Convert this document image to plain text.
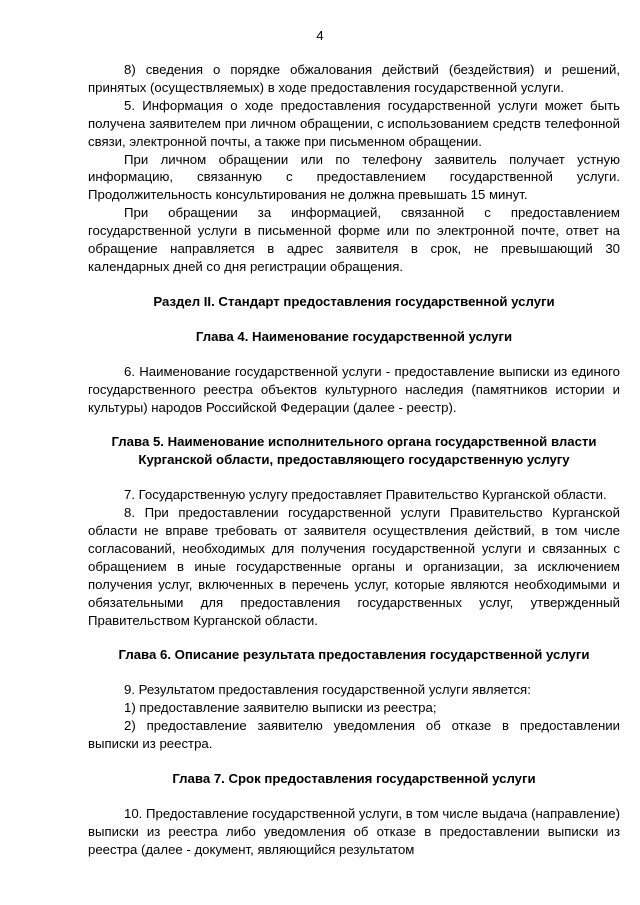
4

8) сведения о порядке обжалования действий (бездействия) и решений, принятых (осуществляемых) в ходе предоставления государственной услуги.

5. Информация о ходе предоставления государственной услуги может быть получена заявителем при личном обращении, с использованием средств телефонной связи, электронной почты, а также при письменном обращении.

При личном обращении или по телефону заявитель получает устную информацию, связанную с предоставлением государственной услуги. Продолжительность консультирования не должна превышать 15 минут.

При обращении за информацией, связанной с предоставлением государственной услуги в письменной форме или по электронной почте, ответ на обращение направляется в адрес заявителя в срок, не превышающий 30 календарных дней со дня регистрации обращения.

Раздел II. Стандарт предоставления государственной услуги

Глава 4. Наименование государственной услуги

6. Наименование государственной услуги - предоставление выписки из единого государственного реестра объектов культурного наследия (памятников истории и культуры) народов Российской Федерации (далее - реестр).

Глава 5. Наименование исполнительного органа государственной власти Курганской области, предоставляющего государственную услугу

7. Государственную услугу предоставляет Правительство Курганской области.

8. При предоставлении государственной услуги Правительство Курганской области не вправе требовать от заявителя осуществления действий, в том числе согласований, необходимых для получения государственной услуги и связанных с обращением в иные государственные органы и организации, за исключением получения услуг, включенных в перечень услуг, которые являются необходимыми и обязательными для предоставления государственных услуг, утвержденный Правительством Курганской области.

Глава 6. Описание результата предоставления государственной услуги

9. Результатом предоставления государственной услуги является:

1) предоставление заявителю выписки из реестра;

2) предоставление заявителю уведомления об отказе в предоставлении выписки из реестра.

Глава 7. Срок предоставления государственной услуги

10. Предоставление государственной услуги, в том числе выдача (направление) выписки из реестра либо уведомления об отказе в предоставлении выписки из реестра (далее - документ, являющийся результатом
